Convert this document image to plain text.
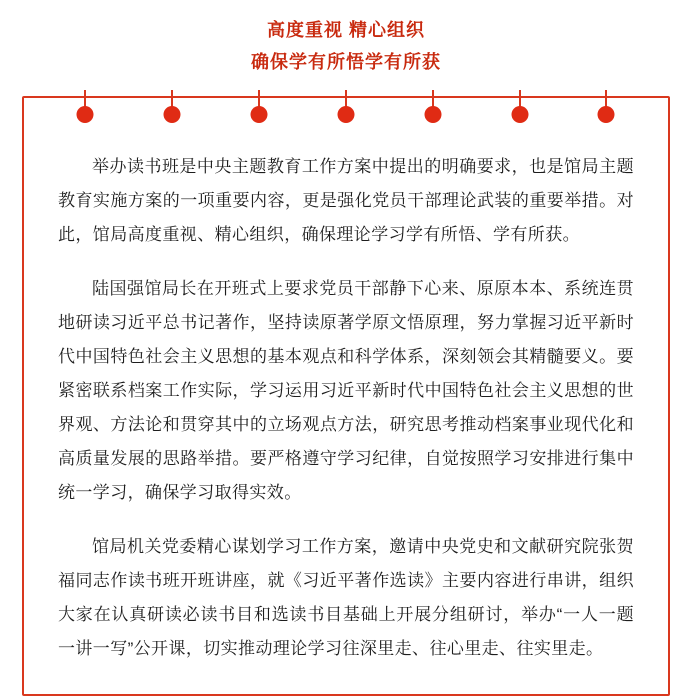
高度重视 精心组织
确保学有所悟学有所获

举办读书班是中央主题教育工作方案中提出的明确要求，也是馆局主题教育实施方案的一项重要内容，更是强化党员干部理论武装的重要举措。对此，馆局高度重视、精心组织，确保理论学习学有所悟、学有所获。

陆国强馆局长在开班式上要求党员干部静下心来、原原本本、系统连贯地研读习近平总书记著作，坚持读原著学原文悟原理，努力掌握习近平新时代中国特色社会主义思想的基本观点和科学体系，深刻领会其精髓要义。要紧密联系档案工作实际，学习运用习近平新时代中国特色社会主义思想的世界观、方法论和贯穿其中的立场观点方法，研究思考推动档案事业现代化和高质量发展的思路举措。要严格遵守学习纪律，自觉按照学习安排进行集中统一学习，确保学习取得实效。

馆局机关党委精心谋划学习工作方案，邀请中央党史和文献研究院张贺福同志作读书班开班讲座，就《习近平著作选读》主要内容进行串讲，组织大家在认真研读必读书目和选读书目基础上开展分组研讨，举办“一人一题一讲一写”公开课，切实推动理论学习往深里走、往心里走、往实里走。
